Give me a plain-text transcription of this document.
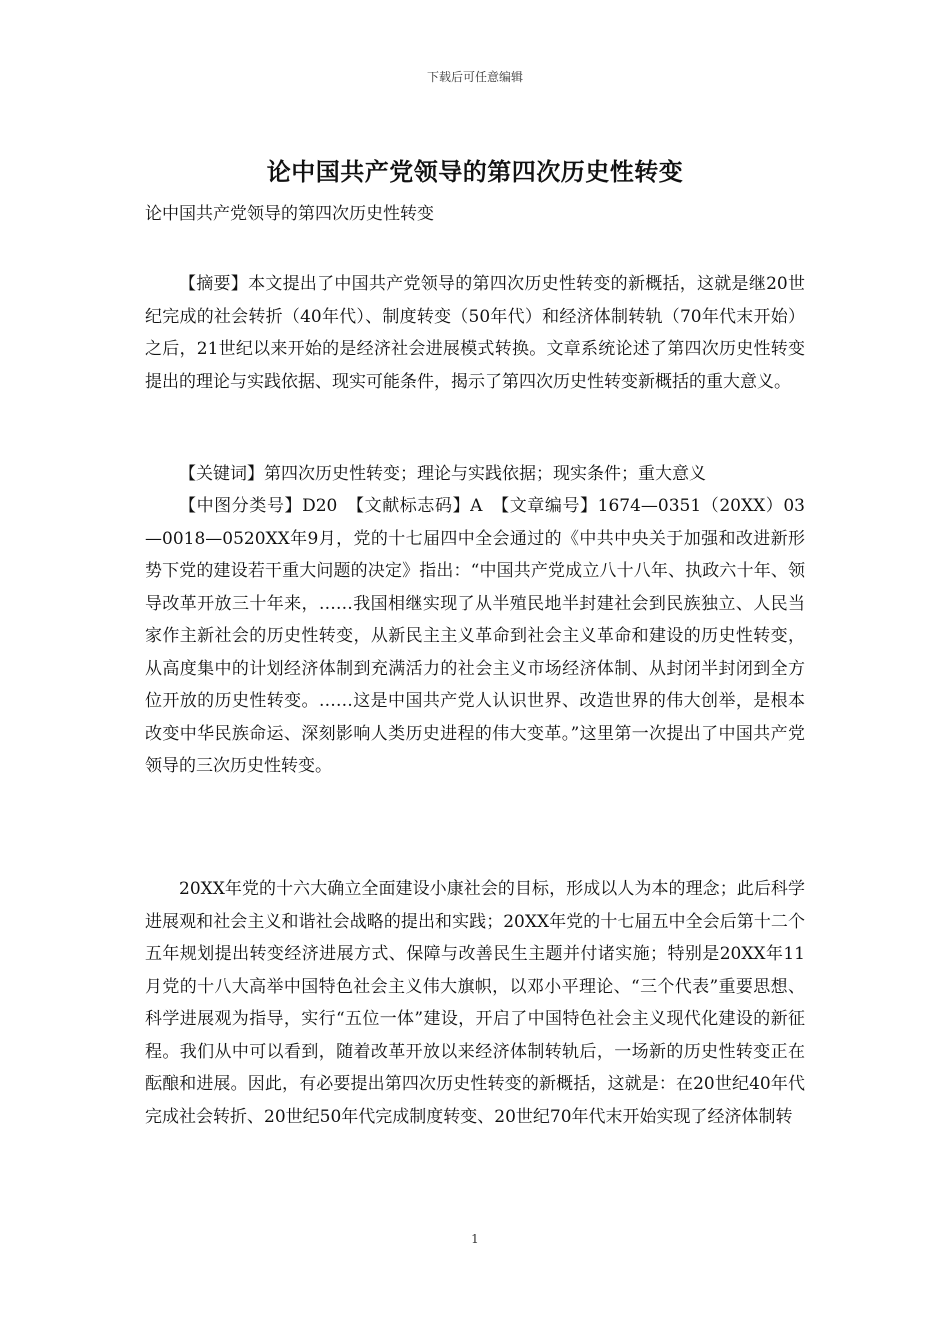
下载后可任意编辑
论中国共产党领导的第四次历史性转变
论中国共产党领导的第四次历史性转变

【摘要】本文提出了中国共产党领导的第四次历史性转变的新概括，这就是继20世纪完成的社会转折（40年代）、制度转变（50年代）和经济体制转轨（70年代末开始）之后，21世纪以来开始的是经济社会进展模式转换。文章系统论述了第四次历史性转变提出的理论与实践依据、现实可能条件，揭示了第四次历史性转变新概括的重大意义。

【关键词】第四次历史性转变；理论与实践依据；现实条件；重大意义

【中图分类号】D20　【文献标志码】A　【文章编号】1674—0351（20XX）03—0018—0520XX年9月，党的十七届四中全会通过的《中共中央关于加强和改进新形势下党的建设若干重大问题的决定》指出：“中国共产党成立八十八年、执政六十年、领导改革开放三十年来，……我国相继实现了从半殖民地半封建社会到民族独立、人民当家作主新社会的历史性转变，从新民主主义革命到社会主义革命和建设的历史性转变，从高度集中的计划经济体制到充满活力的社会主义市场经济体制、从封闭半封闭到全方位开放的历史性转变。……这是中国共产党人认识世界、改造世界的伟大创举，是根本改变中华民族命运、深刻影响人类历史进程的伟大变革。”这里第一次提出了中国共产党领导的三次历史性转变。

20XX年党的十六大确立全面建设小康社会的目标，形成以人为本的理念；此后科学进展观和社会主义和谐社会战略的提出和实践；20XX年党的十七届五中全会后第十二个五年规划提出转变经济进展方式、保障与改善民生主题并付诸实施；特别是20XX年11月党的十八大高举中国特色社会主义伟大旗帜，以邓小平理论、“三个代表”重要思想、科学进展观为指导，实行“五位一体”建设，开启了中国特色社会主义现代化建设的新征程。我们从中可以看到，随着改革开放以来经济体制转轨后，一场新的历史性转变正在酝酿和进展。因此，有必要提出第四次历史性转变的新概括，这就是：在20世纪40年代完成社会转折、20世纪50年代完成制度转变、20世纪70年代末开始实现了经济体制转

1
